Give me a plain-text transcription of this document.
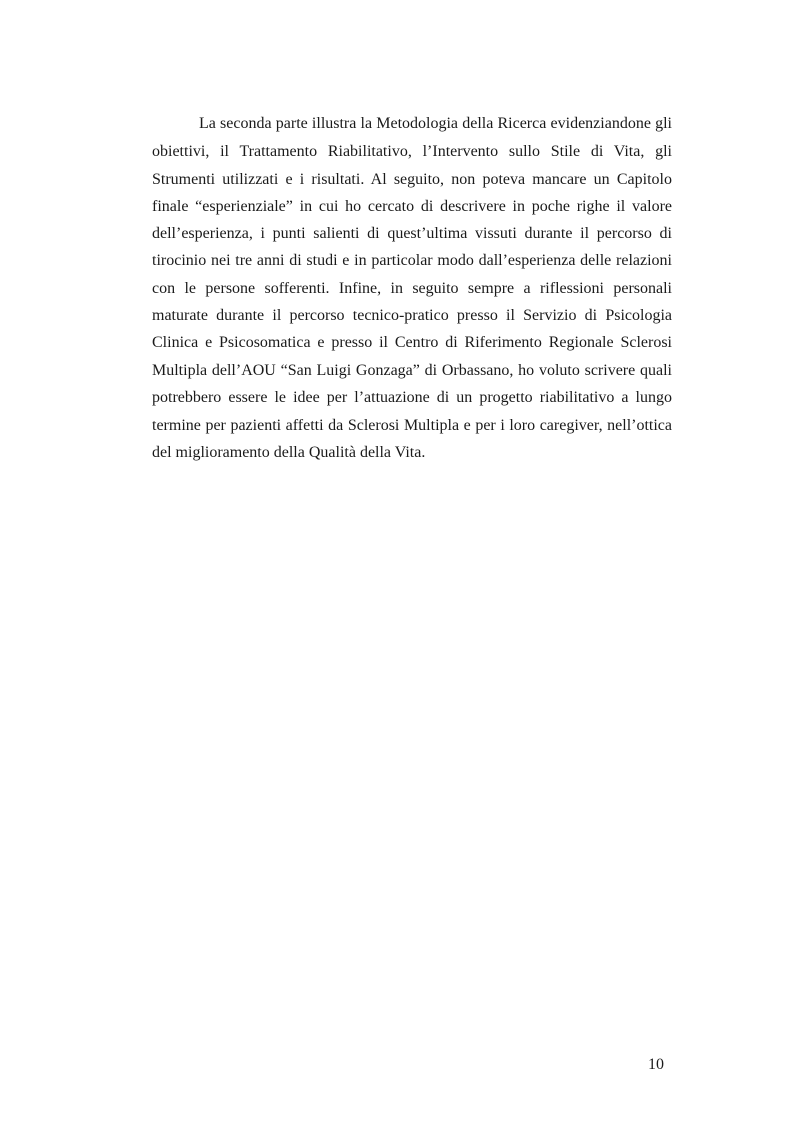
La seconda parte illustra la Metodologia della Ricerca evidenziandone gli
obiettivi, il Trattamento Riabilitativo, l’Intervento sullo Stile di Vita, gli
Strumenti utilizzati e i risultati. Al seguito, non poteva mancare un Capitolo
finale “esperienziale” in cui ho cercato di descrivere in poche righe il valore
dell’esperienza, i punti salienti di quest’ultima vissuti durante il percorso di
tirocinio nei tre anni di studi e in particolar modo dall’esperienza delle relazioni
con le persone sofferenti. Infine, in seguito sempre a riflessioni personali
maturate durante il percorso tecnico-pratico presso il Servizio di Psicologia
Clinica e Psicosomatica e presso il Centro di Riferimento Regionale Sclerosi
Multipla dell’AOU “San Luigi Gonzaga” di Orbassano, ho voluto scrivere quali
potrebbero essere le idee per l’attuazione di un progetto riabilitativo a lungo
termine per pazienti affetti da Sclerosi Multipla e per i loro caregiver, nell’ottica
del miglioramento della Qualità della Vita.
10
